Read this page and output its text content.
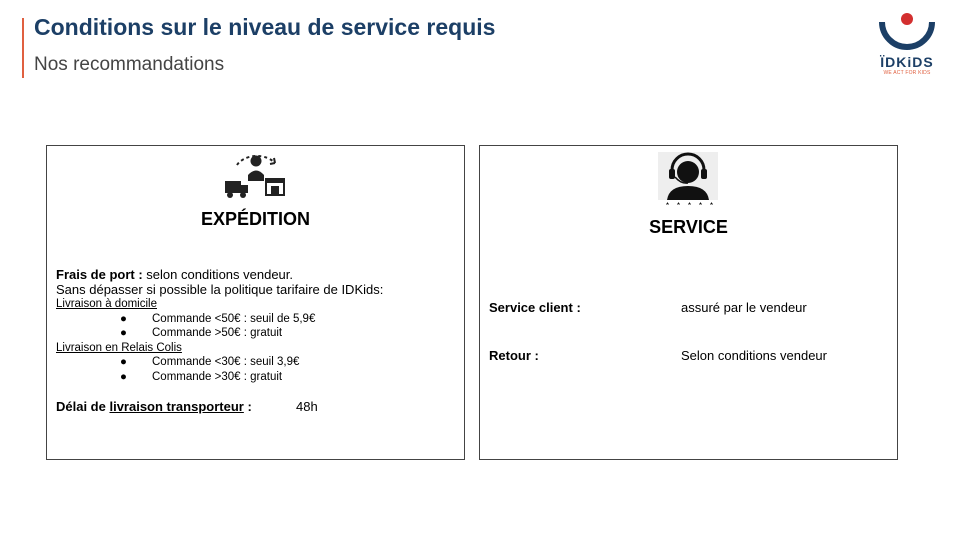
Conditions sur le niveau de service requis
Nos recommandations	ÏDKiDS
WE ACT FOR KIDS
EXPÉDITION
Frais de port : selon conditions vendeur.
Sans dépasser si possible la politique tarifaire de IDKids:
Livraison à domicile
● Commande <50€ : seuil de 5,9€
● Commande >50€ : gratuit
Livraison en Relais Colis
● Commande <30€ : seuil 3,9€
● Commande >30€ : gratuit
Délai de livraison transporteur :	48h
SERVICE
Service client :	assuré par le vendeur
Retour :	Selon conditions vendeur
